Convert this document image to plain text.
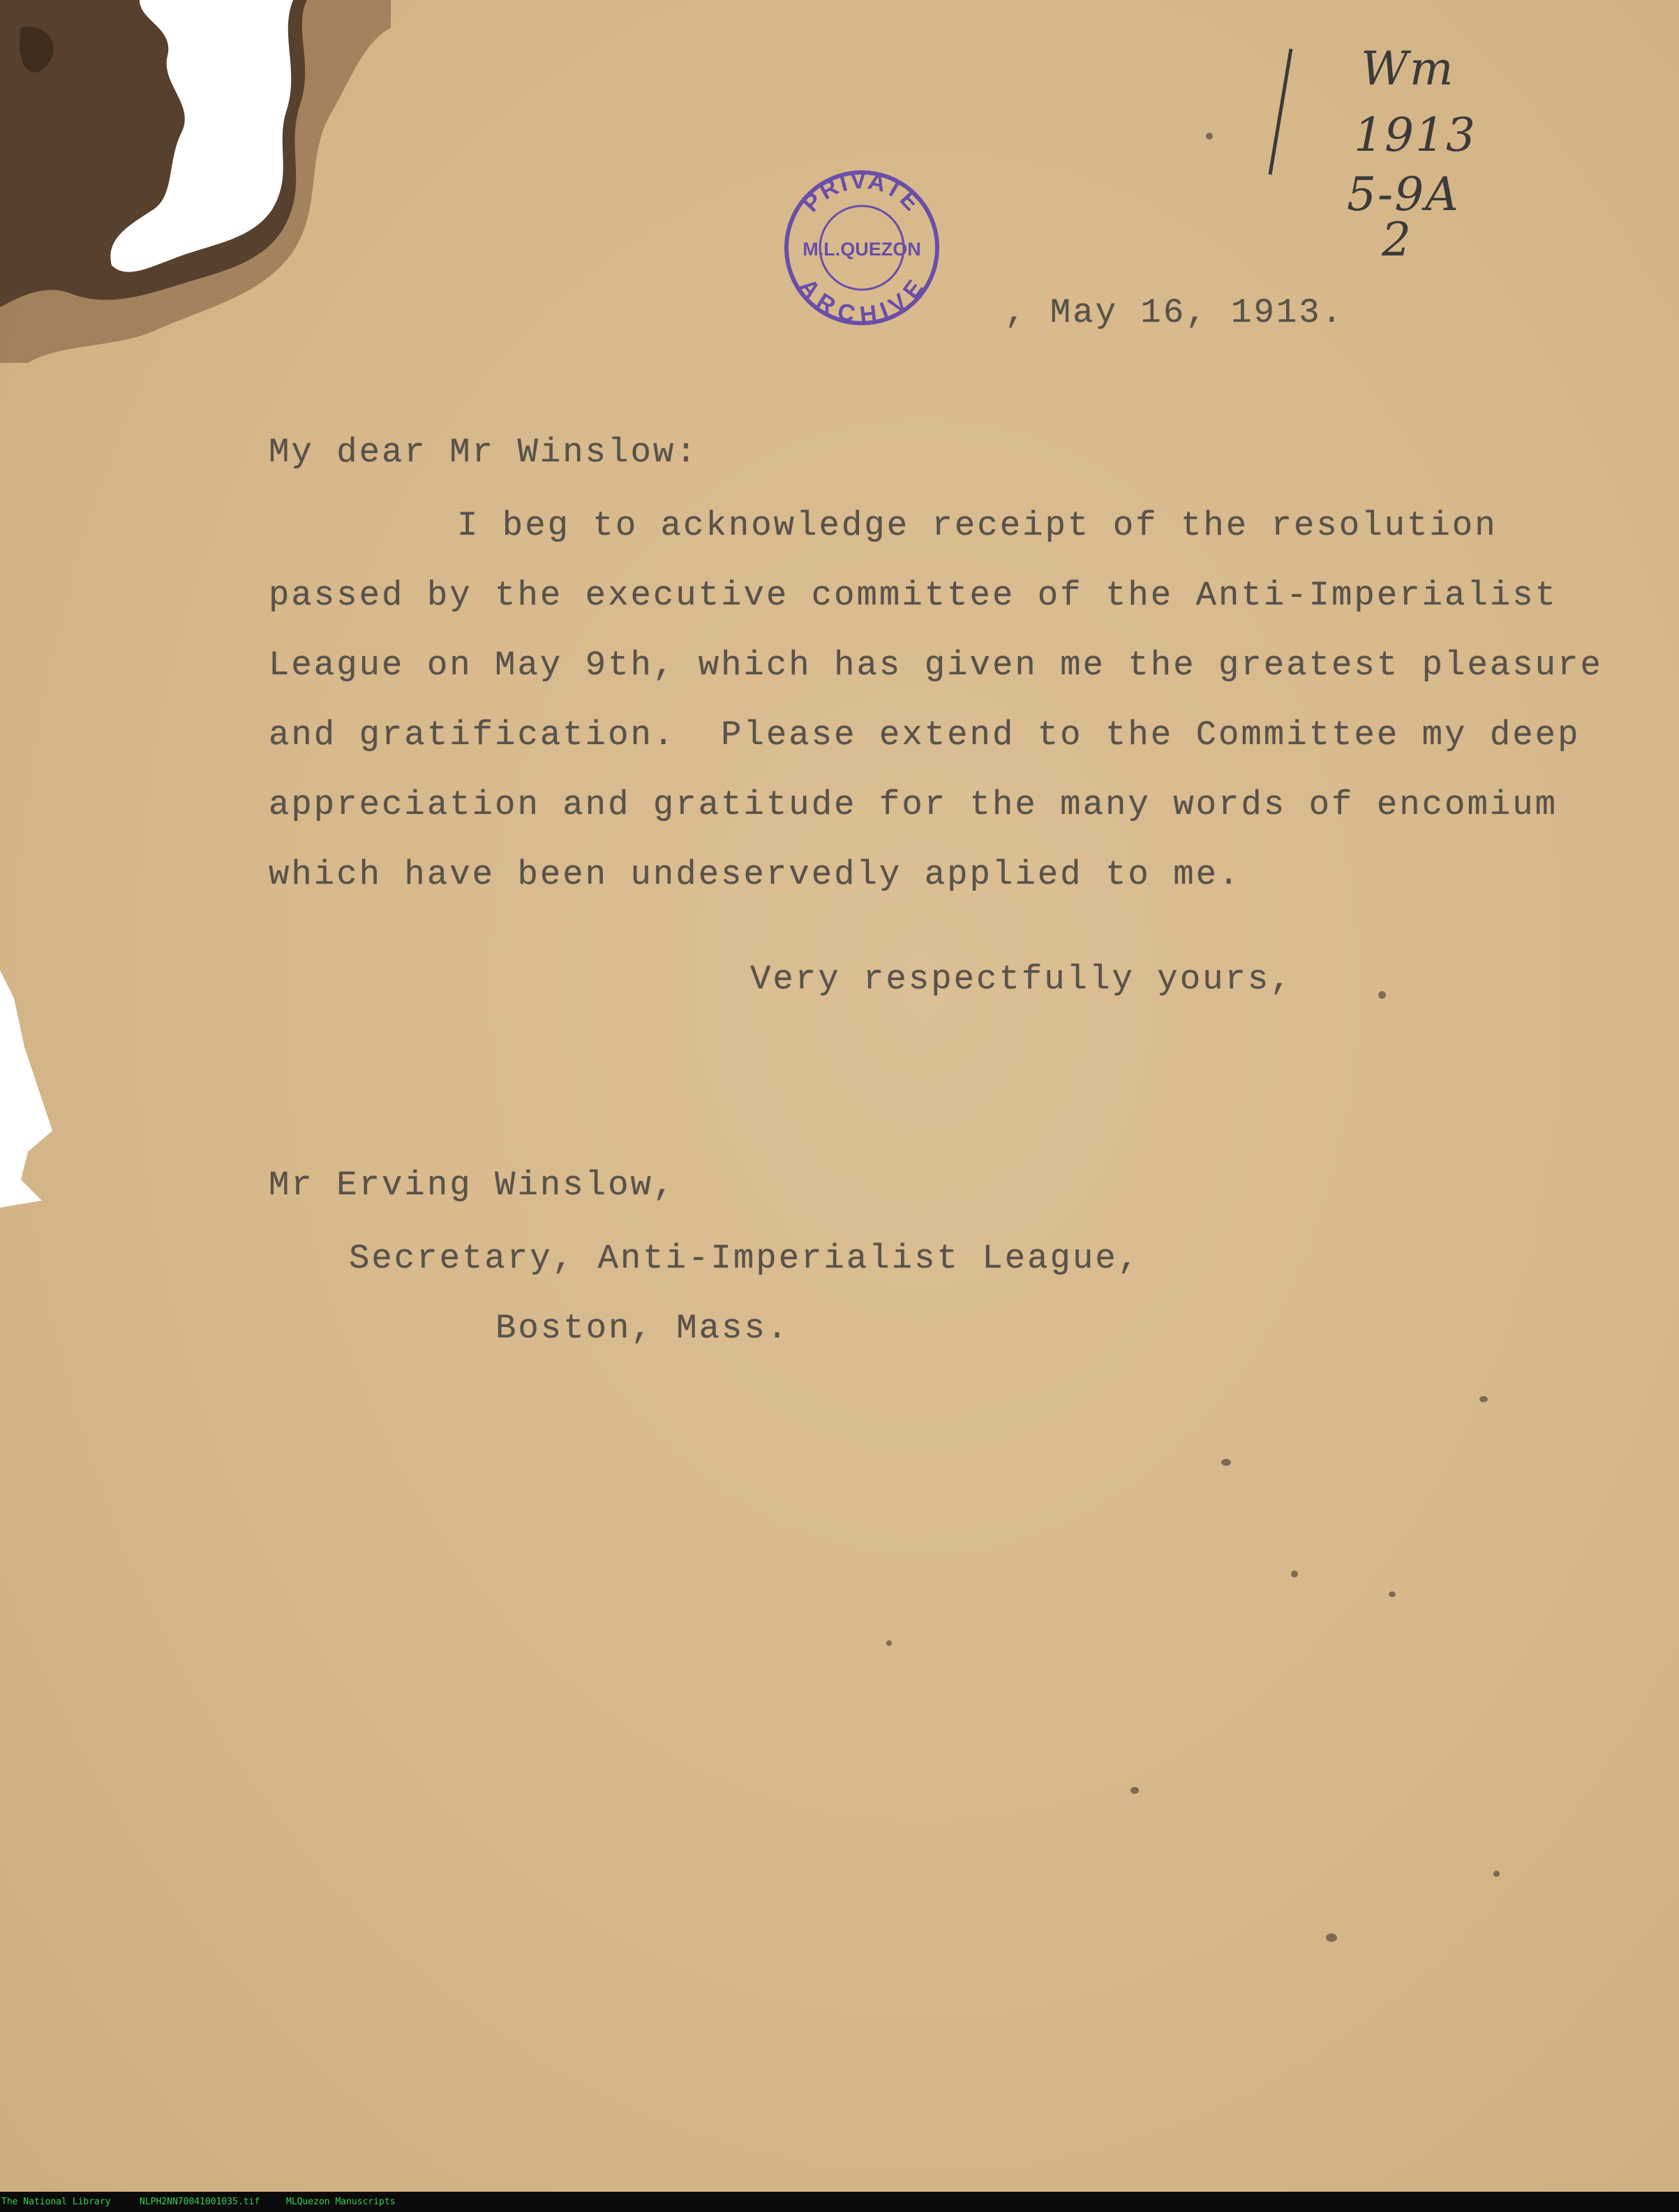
PRIVATE
M.L.QUEZON
ARCHIVE
Wm
1913
5-9A
2
, May 16, 1913.
My dear Mr Winslow:
I beg to acknowledge receipt of the resolution
passed by the executive committee of the Anti-Imperialist
League on May 9th, which has given me the greatest pleasure
and gratification.  Please extend to the Committee my deep
appreciation and gratitude for the many words of encomium
which have been undeservedly applied to me.
Very respectfully yours,
Mr Erving Winslow,
Secretary, Anti-Imperialist League,
Boston, Mass.
The National Library	NLPH2NN70041001035.tif	MLQuezon Manuscripts
